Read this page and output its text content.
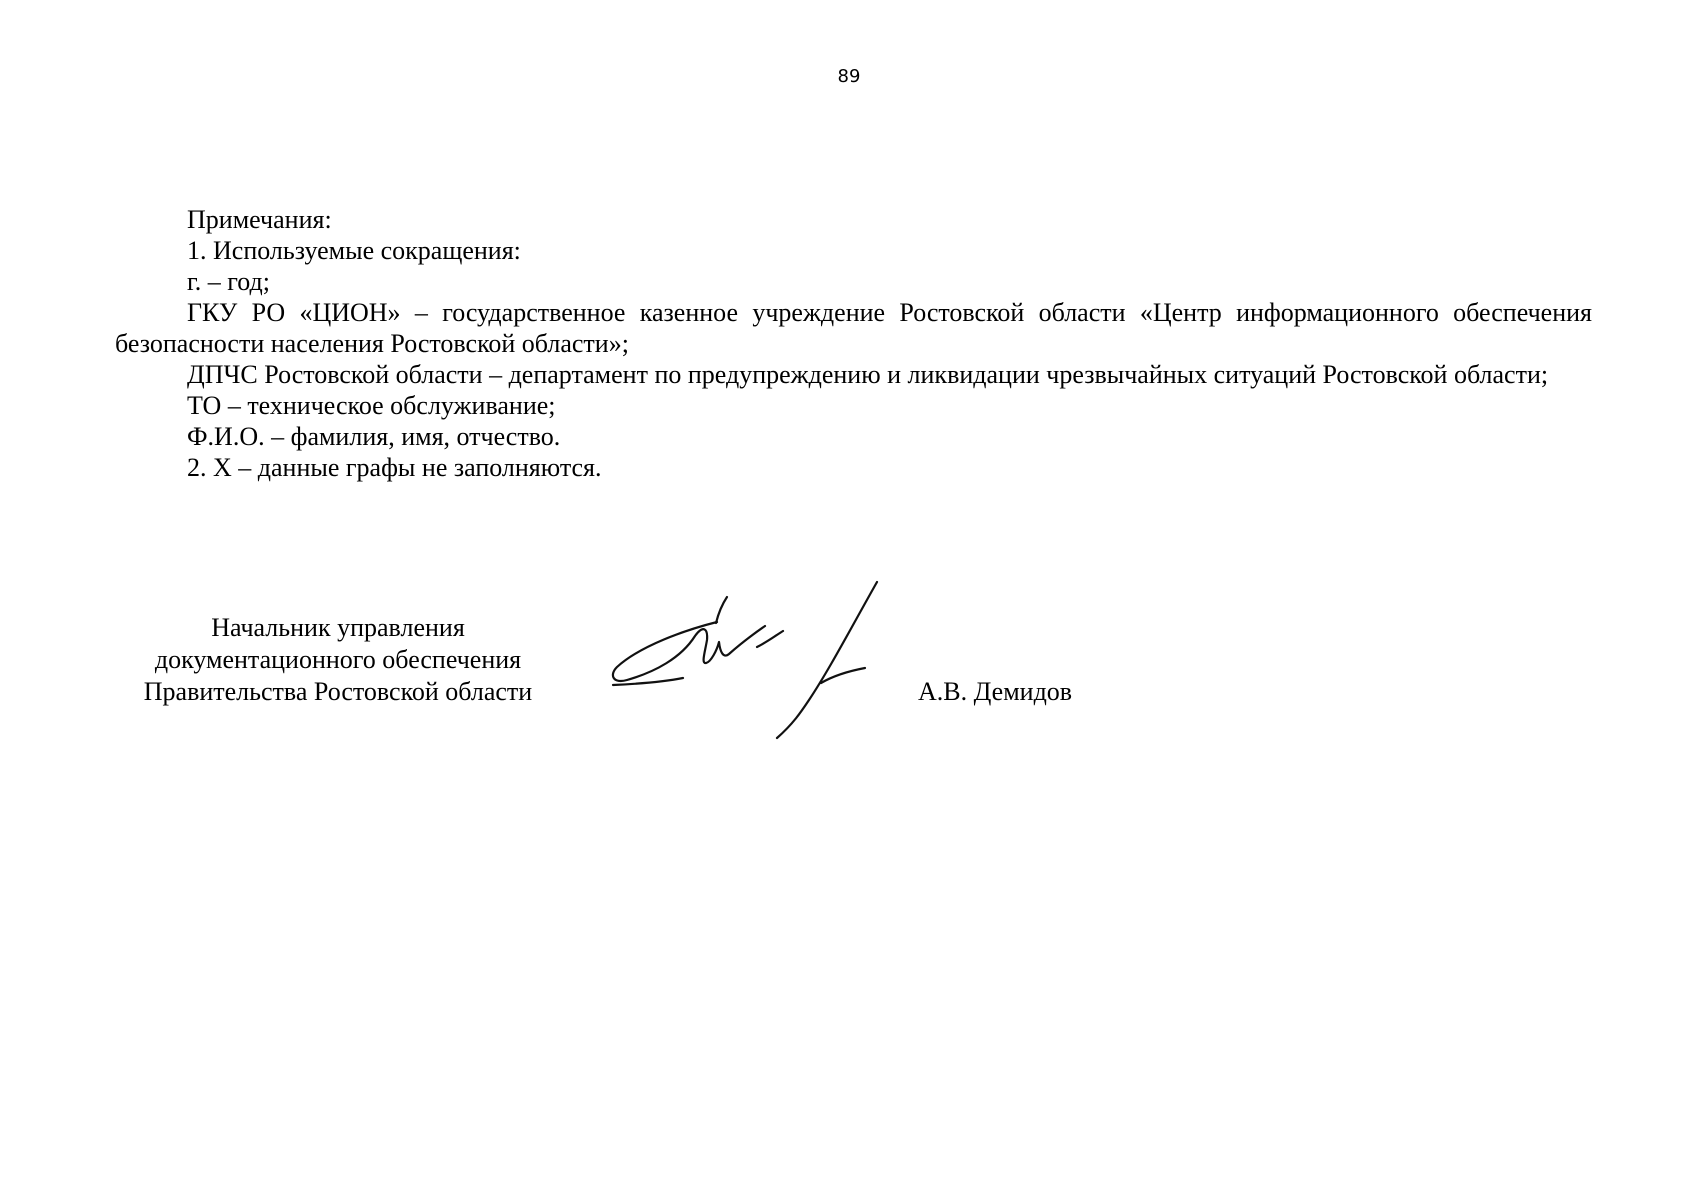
89

Примечания:

1. Используемые сокращения:

г. – год;

ГКУ РО «ЦИОН» – государственное казенное учреждение Ростовской области «Центр информационного обеспечения безопасности населения Ростовской области»;

ДПЧС Ростовской области – департамент по предупреждению и ликвидации чрезвычайных ситуаций Ростовской области;

ТО – техническое обслуживание;

Ф.И.О. – фамилия, имя, отчество.

2. Х – данные графы не заполняются.

Начальник управления
документационного обеспечения
Правительства Ростовской области	А.В. Демидов
